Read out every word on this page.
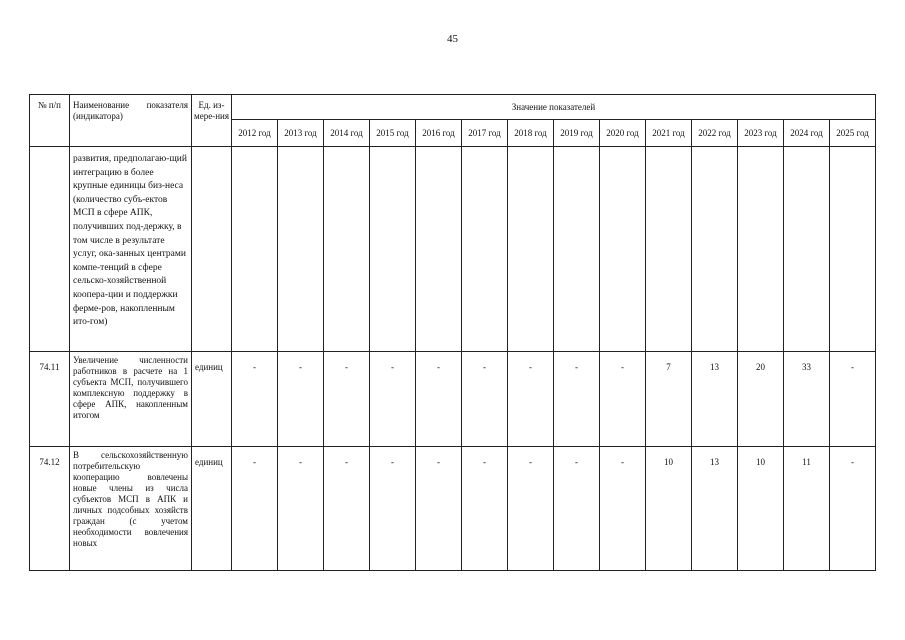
45
№ п/п	Наименование показателя (индикатора)	Ед. из-мере-ния	Значение показателей													
			2012 год	2013 год	2014 год	2015 год	2016 год	2017 год	2018 год	2019 год	2020 год	2021 год	2022 год	2023 год	2024 год	2025 год
	развития, предполагаю-щий интеграцию в более крупные единицы биз-неса (количество субъ-ектов МСП в сфере АПК, получивших под-держку, в том числе в результате услуг, ока-занных центрами компе-тенций в сфере сельско-хозяйственной коопера-ции и поддержки ферме-ров, накопленным ито-гом)															
74.11	Увеличение численности работников в расчете на 1 субъекта МСП, получившего комплексную поддержку в сфере АПК, накопленным итогом	единиц	-	-	-	-	-	-	-	-	-	7	13	20	33	-
74.12	В сельскохозяйственную потребительскую кооперацию вовлечены новые члены из числа субъектов МСП в АПК и личных подсобных хозяйств граждан (с учетом необходимости вовлечения новых	единиц	-	-	-	-	-	-	-	-	-	10	13	10	11	-
